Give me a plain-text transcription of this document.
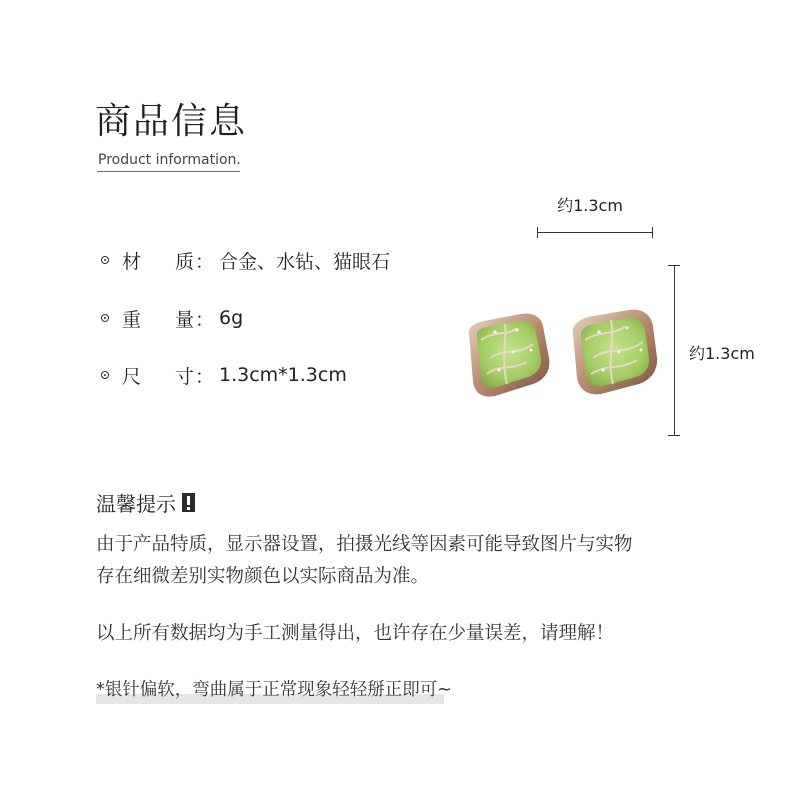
商品信息
Product information.
材	质 ： 合金、水钻、猫眼石
重	量 ： 6g
尺	寸 ： 1.3cm*1.3cm
约1.3cm
约1.3cm
温馨提示
由于产品特质，显示器设置，拍摄光线等因素可能导致图片与实物
存在细微差别实物颜色以实际商品为准。
以上所有数据均为手工测量得出，也许存在少量误差，请理解！
*银针偏软，弯曲属于正常现象轻轻掰正即可~
